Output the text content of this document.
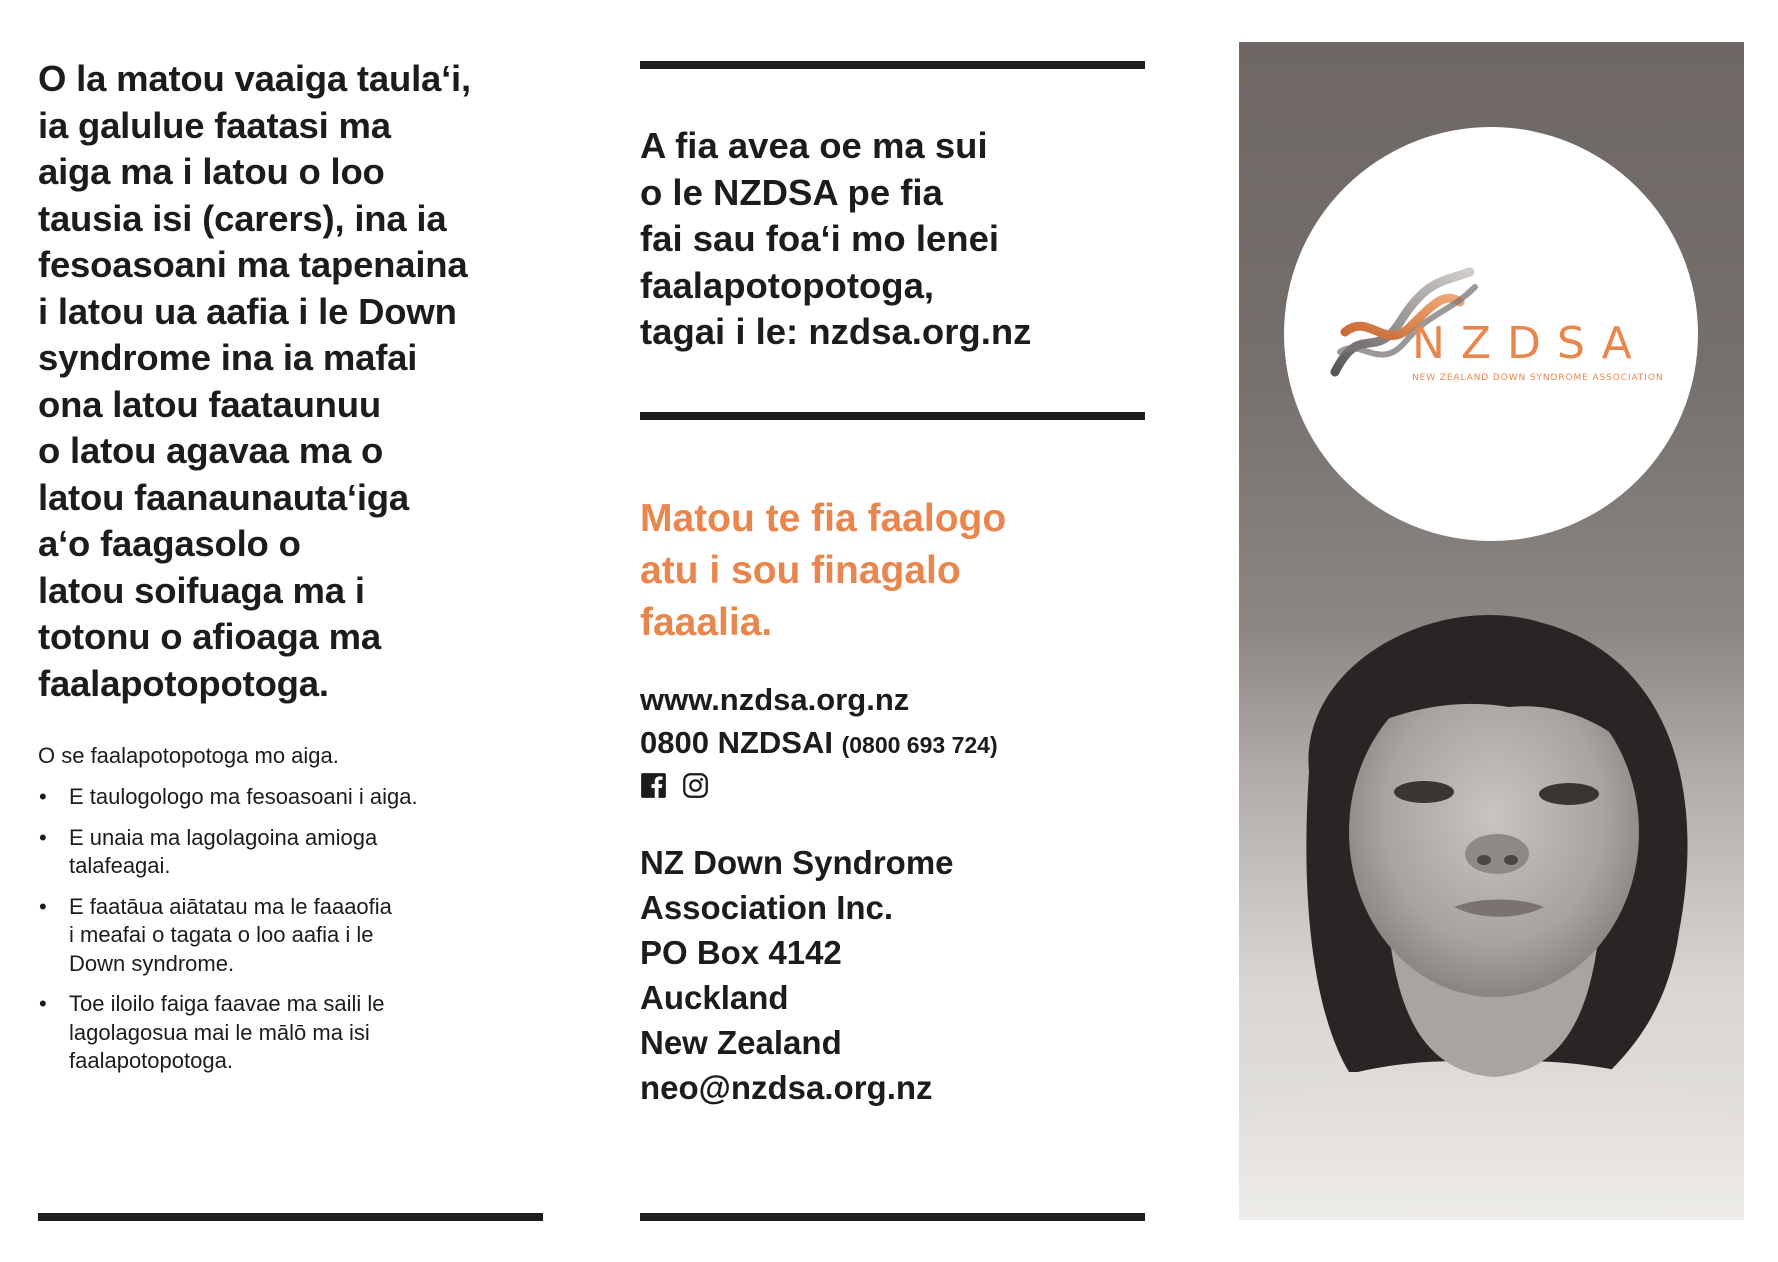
O la matou vaaiga taula‘i,
ia galulue faatasi ma
aiga ma i latou o loo
tausia isi (carers), ina ia
fesoasoani ma tapenaina
i latou ua aafia i le Down
syndrome ina ia mafai
ona latou faataunuu
o latou agavaa ma o
latou faanaunauta‘iga
a‘o faagasolo o
latou soifuaga ma i
totonu o afioaga ma
faalapotopotoga.
O se faalapotopotoga mo aiga.
• E taulogologo ma fesoasoani i aiga.
• E unaia ma lagolagoina amioga
talafeagai.
• E faatāua aiātatau ma le faaaofia
i meafai o tagata o loo aafia i le
Down syndrome.
• Toe iloilo faiga faavae ma saili le
lagolagosua mai le mālō ma isi
faalapotopotoga.
A fia avea oe ma sui
o le NZDSA pe fia
fai sau foa‘i mo lenei
faalapotopotoga,
tagai i le: nzdsa.org.nz
Matou te fia faalogo
atu i sou finagalo
faaalia.
www.nzdsa.org.nz
0800 NZDSAI (0800 693 724)
NZ Down Syndrome
Association Inc.
PO Box 4142
Auckland
New Zealand
neo@nzdsa.org.nz
NZDSA
NEW ZEALAND DOWN SYNDROME ASSOCIATION
